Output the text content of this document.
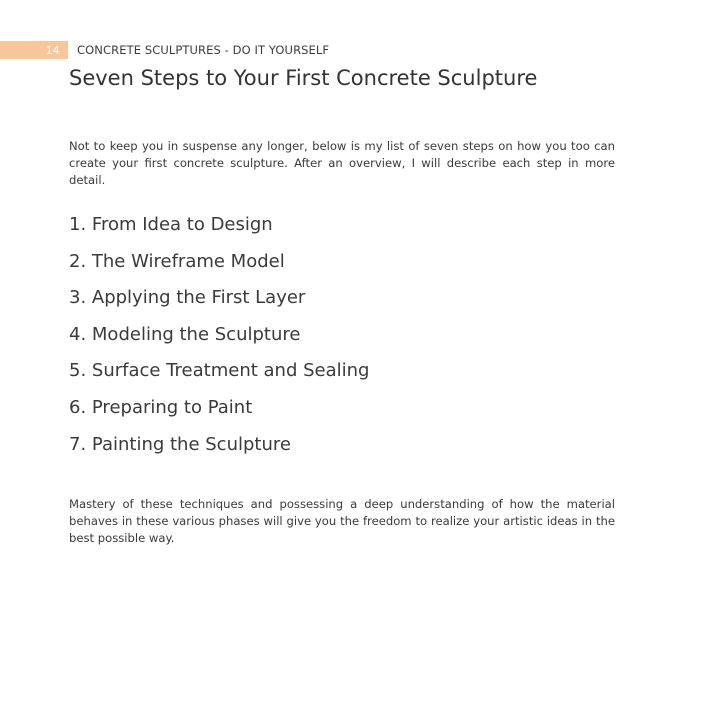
14 CONCRETE SCULPTURES - DO IT YOURSELF
Seven Steps to Your First Concrete Sculpture

Not to keep you in suspense any longer, below is my list of seven steps on how you too can create your first concrete sculpture. After an overview, I will describe each step in more detail.

1. From Idea to Design
2. The Wireframe Model
3. Applying the First Layer
4. Modeling the Sculpture
5. Surface Treatment and Sealing
6. Preparing to Paint
7. Painting the Sculpture

Mastery of these techniques and possessing a deep understanding of how the material behaves in these various phases will give you the freedom to realize your artistic ideas in the best possible way.
